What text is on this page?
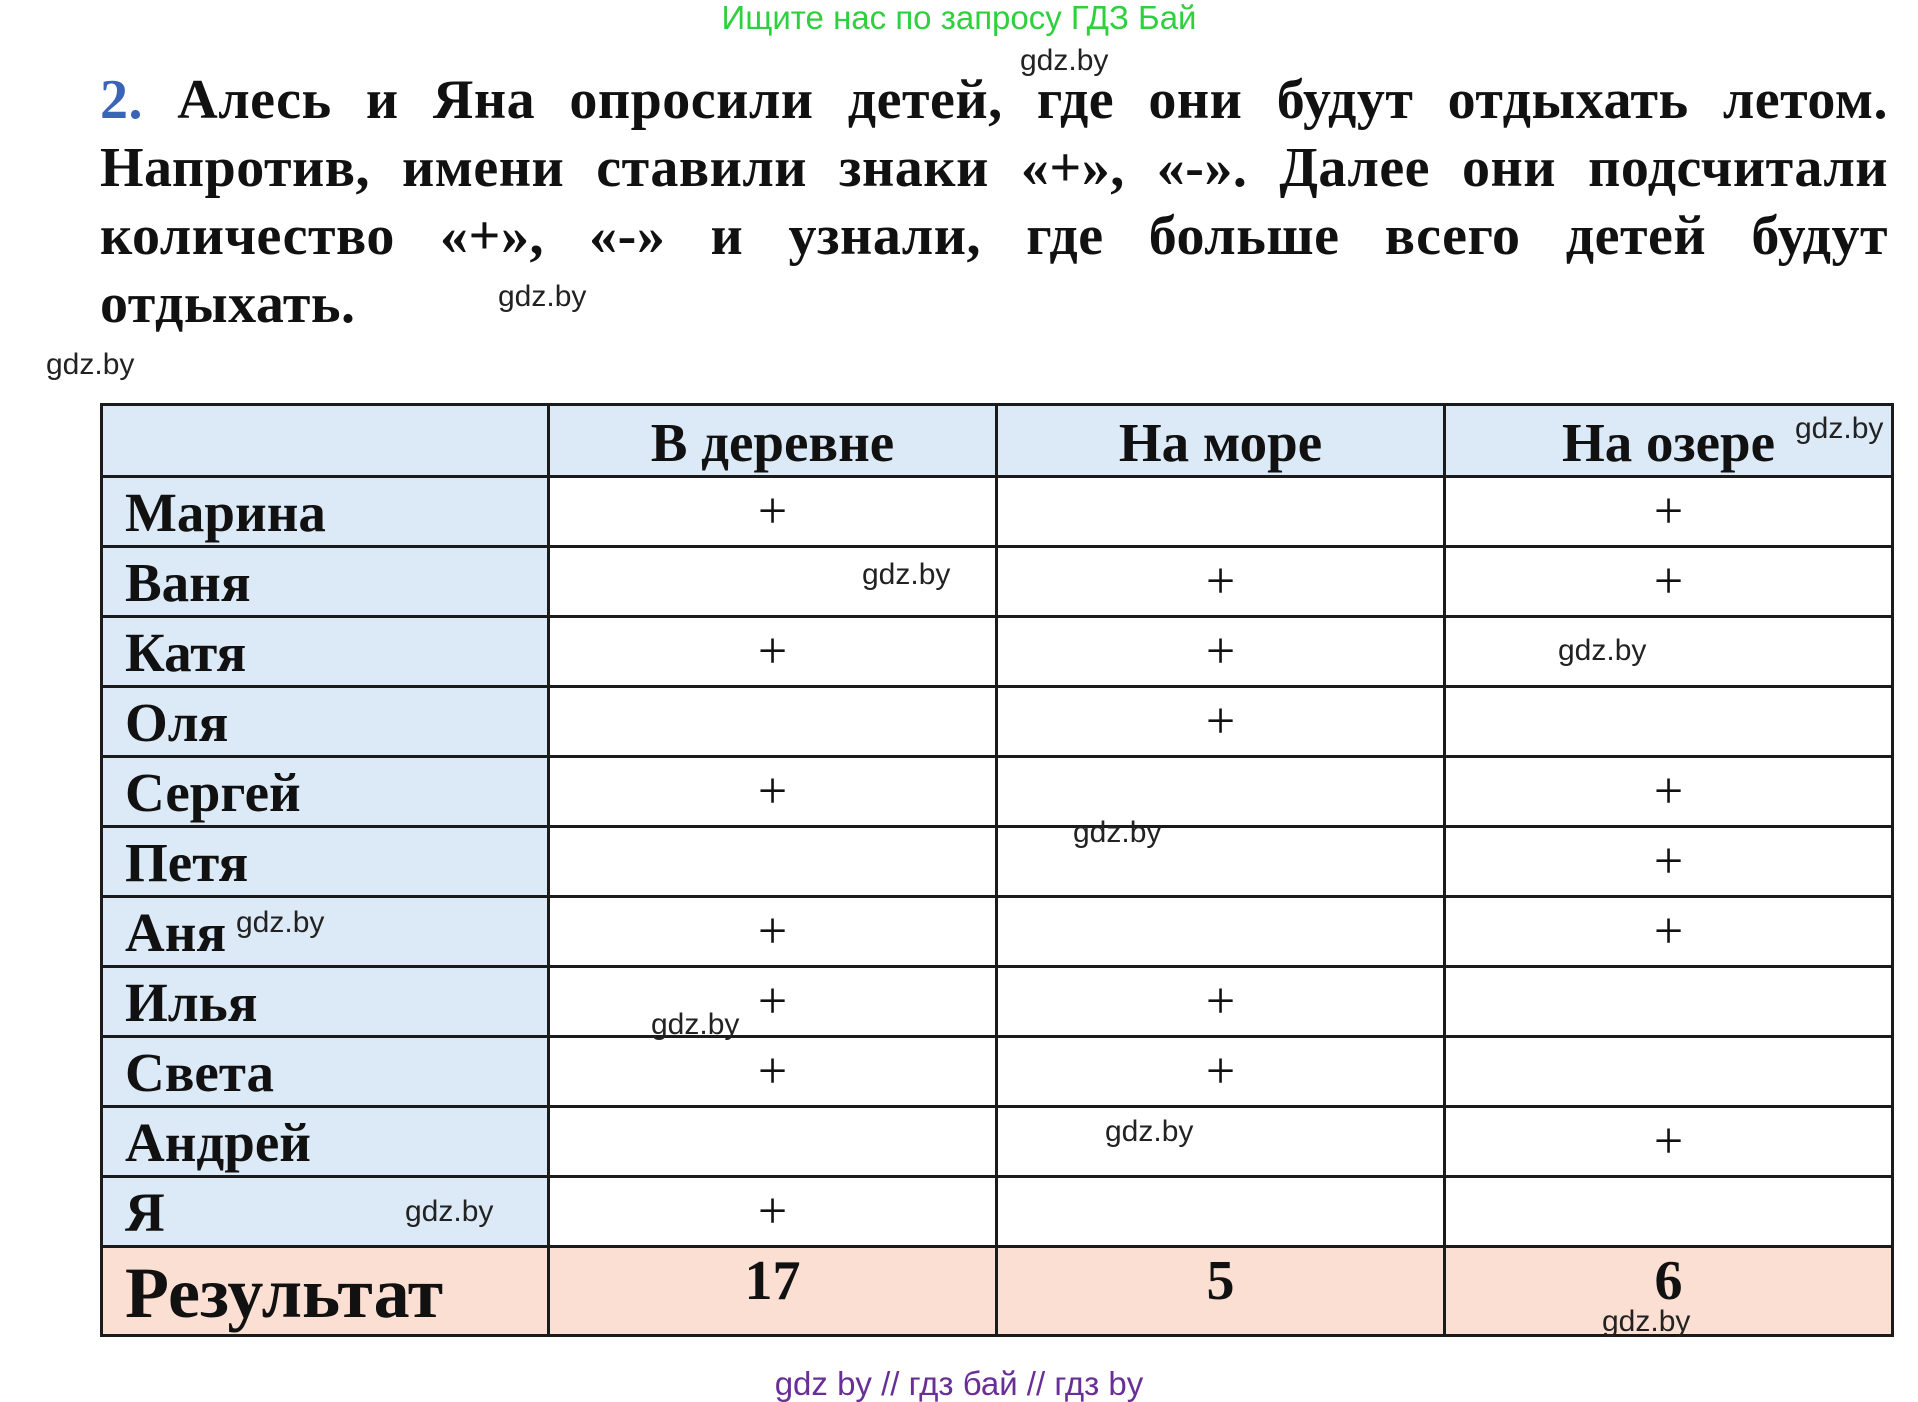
Ищите нас по запросу ГДЗ Бай
2. Алесь и Яна опросили детей, где они будут отдыхать летом.
Напротив, имени ставили знаки «+», «-». Далее они подсчитали
количество «+», «-» и узнали, где больше всего детей будут
отдыхать.
	В деревне	На море	На озере
Марина	+		+
Ваня		+	+
Катя	+	+	
Оля		+	
Сергей	+		+
Петя			+
Аня	+		+
Илья	+	+	
Света	+	+	
Андрей			+
Я	+		
Результат	17	5	6
gdz.by
gdz.by
gdz.by
gdz.by
gdz.by
gdz.by
gdz.by
gdz.by
gdz.by
gdz.by
gdz.by
gdz.by
gdz by // гдз бай // гдз by
